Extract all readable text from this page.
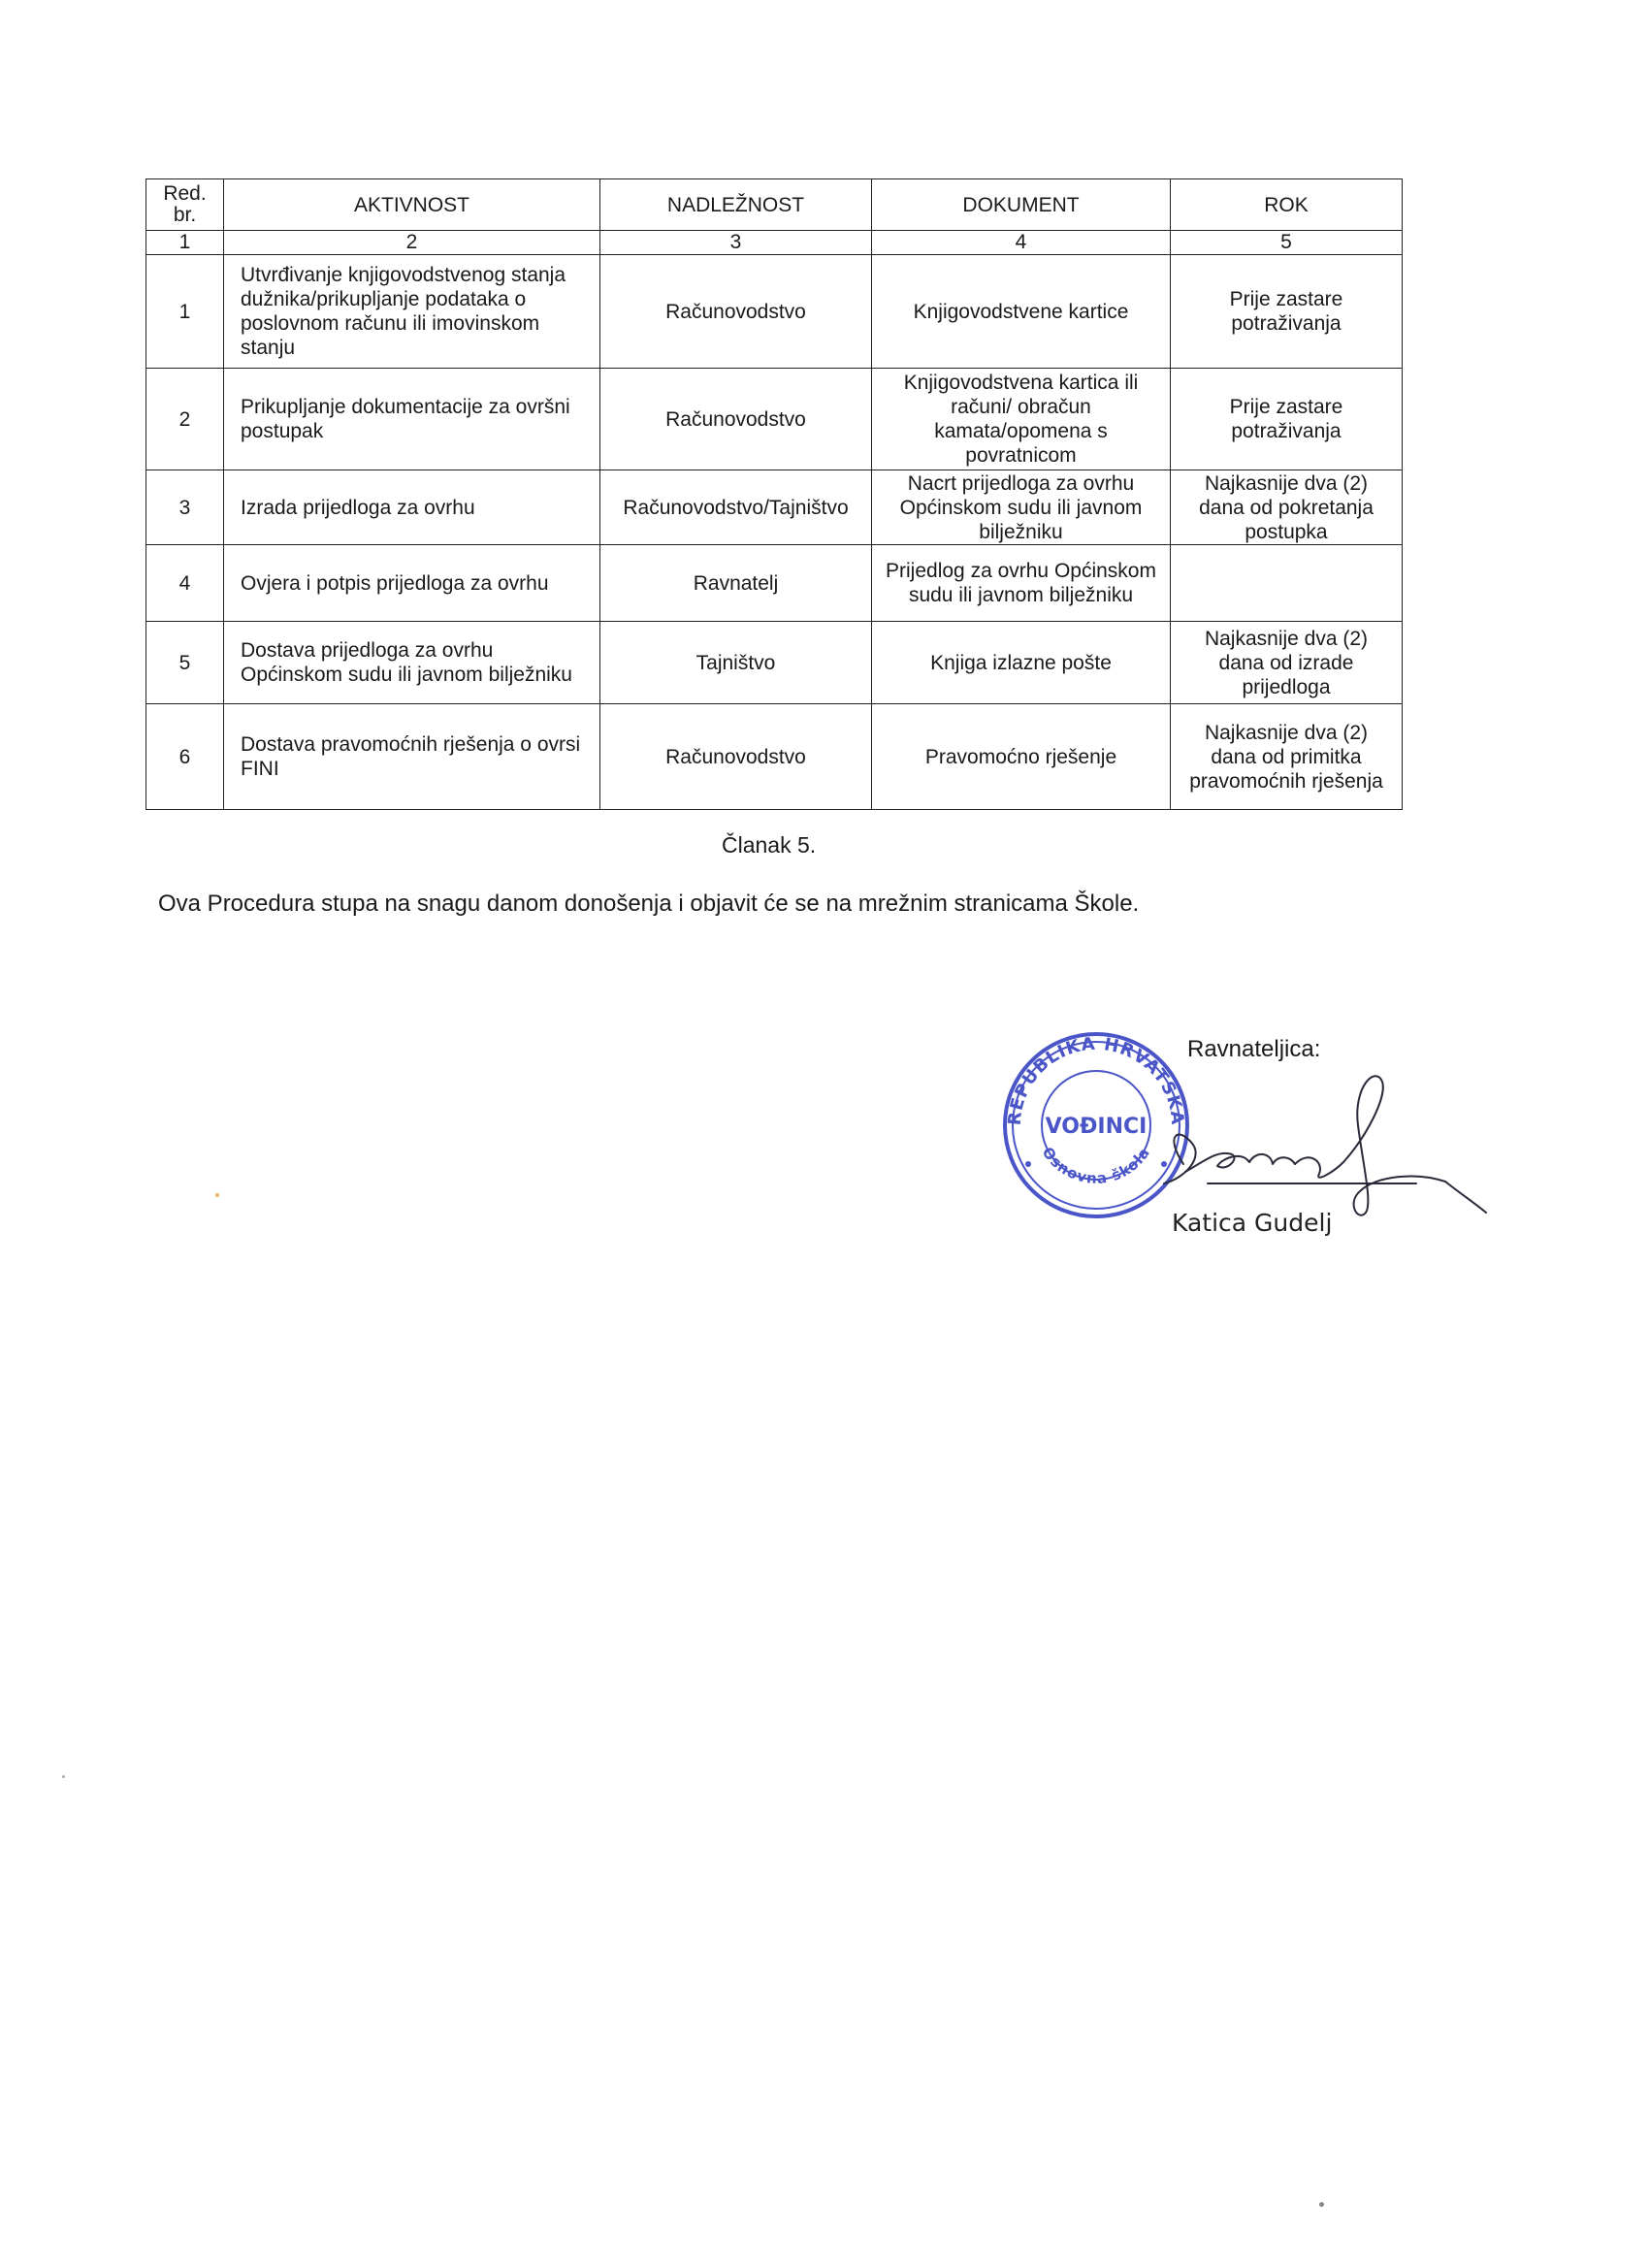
Red. br.	AKTIVNOST	NADLEŽNOST	DOKUMENT	ROK
1	2	3	4	5
1	Utvrđivanje knjigovodstvenog stanja dužnika/prikupljanje podataka o poslovnom računu ili imovinskom stanju	Računovodstvo	Knjigovodstvene kartice	Prije zastare potraživanja
2	Prikupljanje dokumentacije za ovršni postupak	Računovodstvo	Knjigovodstvena kartica ili računi/ obračun kamata/opomena s povratnicom	Prije zastare potraživanja
3	Izrada prijedloga za ovrhu	Računovodstvo/Tajništvo	Nacrt prijedloga za ovrhu Općinskom sudu ili javnom bilježniku	Najkasnije dva (2) dana od pokretanja postupka
4	Ovjera i potpis prijedloga za ovrhu	Ravnatelj	Prijedlog za ovrhu Općinskom sudu ili javnom bilježniku	
5	Dostava prijedloga za ovrhu Općinskom sudu ili javnom bilježniku	Tajništvo	Knjiga izlazne pošte	Najkasnije dva (2) dana od izrade prijedloga
6	Dostava pravomoćnih rješenja o ovrsi FINI	Računovodstvo	Pravomoćno rješenje	Najkasnije dva (2) dana od primitka pravomoćnih rješenja
Članak 5.
Ova Procedura stupa na snagu danom donošenja i objavit će se na mrežnim stranicama Škole.
Ravnateljica:
REPUBLIKA HRVATSKA
Osnovna škola
VOĐINCI
Katica Gudelj
